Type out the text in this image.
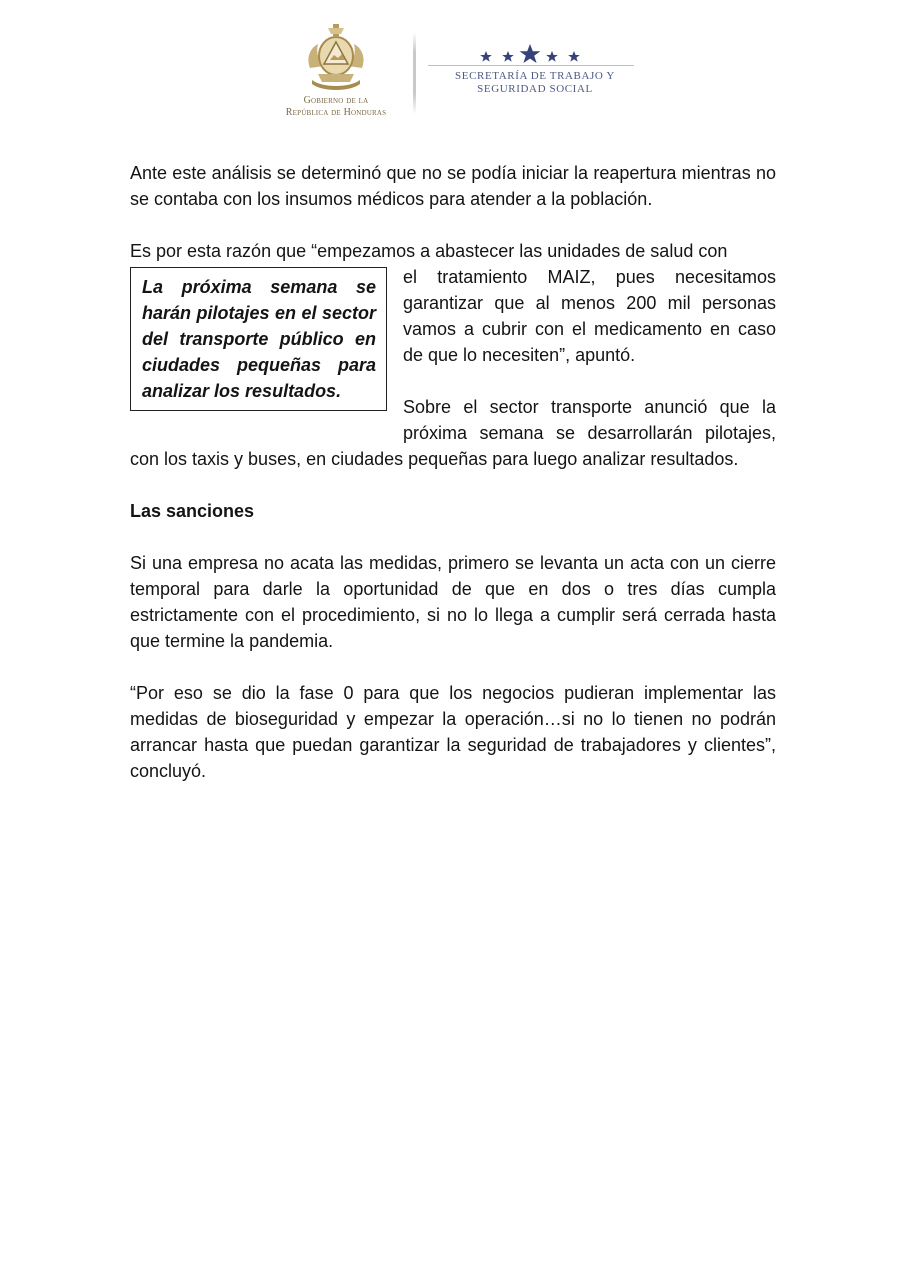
Gobierno de la
República de Honduras
SECRETARÍA DE TRABAJO Y
SEGURIDAD SOCIAL

Ante este análisis se determinó que no se podía iniciar la reapertura mientras no se contaba con los insumos médicos para atender a la población.

Es por esta razón que “empezamos a abastecer las unidades de salud con

La próxima semana se harán pilotajes en el sector del transporte público en ciudades pequeñas para analizar los resultados.

el tratamiento MAIZ, pues necesitamos garantizar que al menos 200 mil personas vamos a cubrir con el medicamento en caso de que lo necesiten”, apuntó.

Sobre el sector transporte anunció que la próxima semana se desarrollarán pilotajes, con los taxis y buses, en ciudades pequeñas para luego analizar resultados.

Las sanciones

Si una empresa no acata las medidas, primero se levanta un acta con un cierre temporal para darle la oportunidad de que en dos o tres días cumpla estrictamente con el procedimiento, si no lo llega a cumplir será cerrada hasta que termine la pandemia.

“Por eso se dio la fase 0 para que los negocios pudieran implementar las medidas de bioseguridad y empezar la operación…si no lo tienen no podrán arrancar hasta que puedan garantizar la seguridad de trabajadores y clientes”, concluyó.
